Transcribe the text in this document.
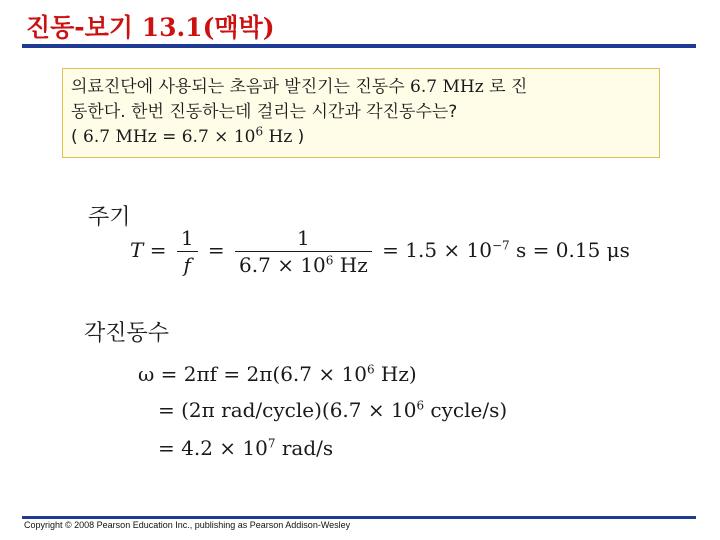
진동-보기 13.1(맥박)
의료진단에 사용되는 초음파 발진기는 진동수 6.7 MHz 로 진
동한다. 한번 진동하는데 걸리는 시간과 각진동수는?
( 6.7 MHz = $6.7 \times 10^6$ Hz )
주기
$T = \frac{1}{f} = \frac{1}{6.7 \times 10^6 Hz} = 1.5 \times 10^{-7}$ s = 0.15 μs
각진동수
$\omega = 2\pi f = 2\pi(6.7 \times 10^6$ Hz)
= (2π rad/cycle)(6.7 × $10^6$ cycle/s)
= $4.2 \times 10^7$ rad/s
Copyright © 2008 Pearson Education Inc., publishing as Pearson Addison-Wesley
